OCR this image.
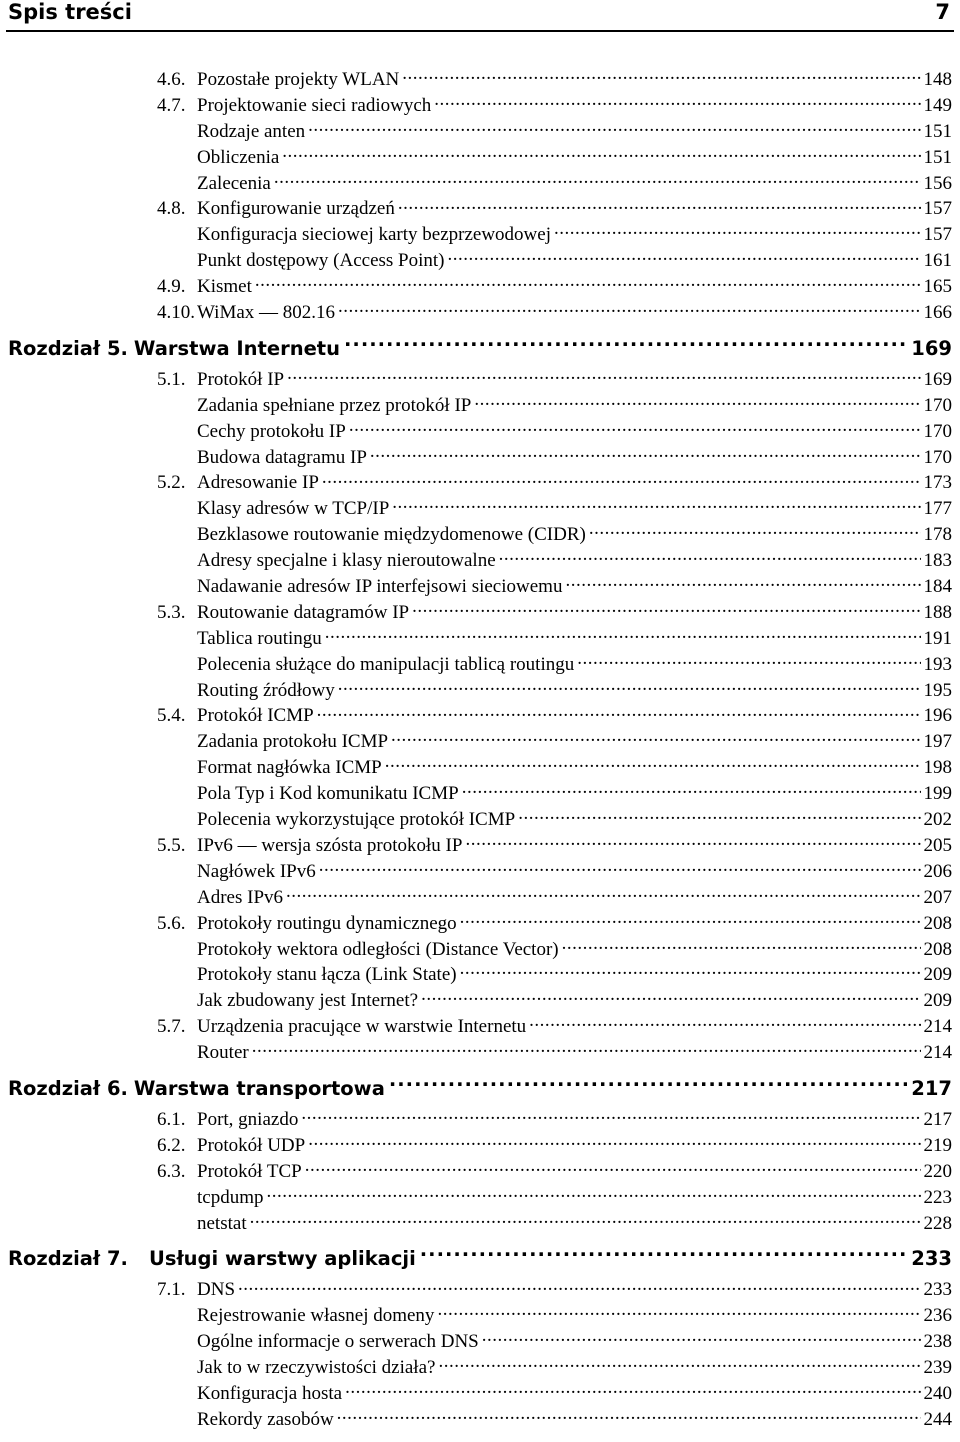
Spis treści	7
4.6. Pozostałe projekty WLAN .....	148
4.7. Projektowanie sieci radiowych .....	149
Rodzaje anten .....	151
Obliczenia .....	151
Zalecenia .....	156
4.8. Konfigurowanie urządzeń .....	157
Konfiguracja sieciowej karty bezprzewodowej .....	157
Punkt dostępowy (Access Point) .....	161
4.9. Kismet .....	165
4.10. WiMax — 802.16 .....	166
Rozdział 5. Warstwa Internetu .....	169
5.1. Protokół IP .....	169
Zadania spełniane przez protokół IP .....	170
Cechy protokołu IP .....	170
Budowa datagramu IP .....	170
5.2. Adresowanie IP .....	173
Klasy adresów w TCP/IP .....	177
Bezklasowe routowanie międzydomenowe (CIDR) .....	178
Adresy specjalne i klasy nieroutowalne .....	183
Nadawanie adresów IP interfejsowi sieciowemu .....	184
5.3. Routowanie datagramów IP .....	188
Tablica routingu .....	191
Polecenia służące do manipulacji tablicą routingu .....	193
Routing źródłowy .....	195
5.4. Protokół ICMP .....	196
Zadania protokołu ICMP .....	197
Format nagłówka ICMP .....	198
Pola Typ i Kod komunikatu ICMP .....	199
Polecenia wykorzystujące protokół ICMP .....	202
5.5. IPv6 — wersja szósta protokołu IP .....	205
Nagłówek IPv6 .....	206
Adres IPv6 .....	207
5.6. Protokoły routingu dynamicznego .....	208
Protokoły wektora odległości (Distance Vector) .....	208
Protokoły stanu łącza (Link State) .....	209
Jak zbudowany jest Internet? .....	209
5.7. Urządzenia pracujące w warstwie Internetu .....	214
Router .....	214
Rozdział 6. Warstwa transportowa .....	217
6.1. Port, gniazdo .....	217
6.2. Protokół UDP .....	219
6.3. Protokół TCP .....	220
tcpdump .....	223
netstat .....	228
Rozdział 7.	Usługi warstwy aplikacji .....	233
7.1. DNS .....	233
Rejestrowanie własnej domeny .....	236
Ogólne informacje o serwerach DNS .....	238
Jak to w rzeczywistości działa? .....	239
Konfiguracja hosta .....	240
Rekordy zasobów .....	244
